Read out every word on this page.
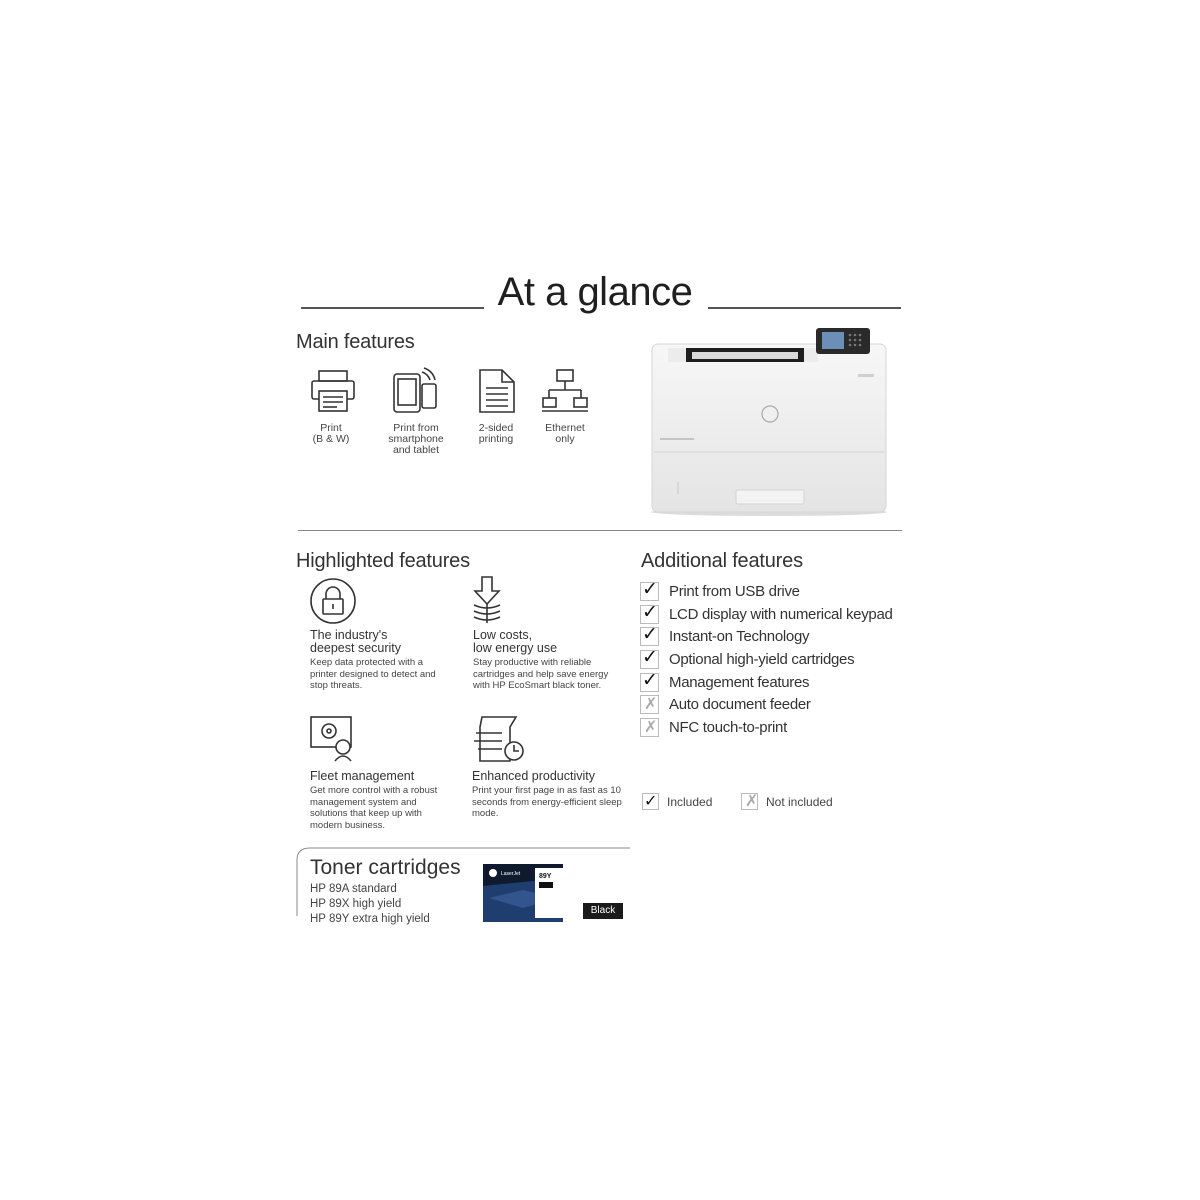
At a glance
Main features
Print
(B & W)
Print from
smartphone
and tablet
2-sided
printing
Ethernet
only
Highlighted features
The industry's
deepest security
Keep data protected with a printer designed to detect and stop threats.
Low costs,
low energy use
Stay productive with reliable cartridges and help save energy with HP EcoSmart black toner.
Fleet management
Get more control with a robust management system and solutions that keep up with modern business.
Enhanced productivity
Print your first page in as fast as 10 seconds from energy-efficient sleep mode.
Additional features
✓ Print from USB drive
✓ LCD display with numerical keypad
✓ Instant-on Technology
✓ Optional high-yield cartridges
✓ Management features
✗ Auto document feeder
✗ NFC touch-to-print
✓ Included ✗ Not included
Toner cartridges
HP 89A standard
HP 89X high yield
HP 89Y extra high yield
LaserJet	89Y
Black
